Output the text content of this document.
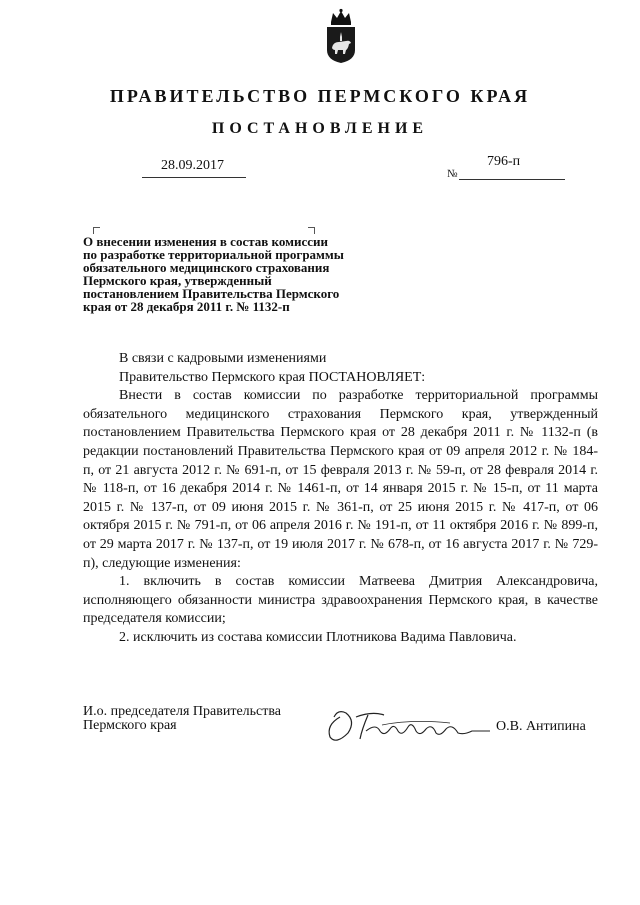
ПРАВИТЕЛЬСТВО ПЕРМСКОГО КРАЯ
ПОСТАНОВЛЕНИЕ
28.09.2017
№
796-п
О внесении изменения в состав комиссии
по разработке территориальной программы
обязательного медицинского страхования
Пермского края, утвержденный
постановлением Правительства Пермского
края от 28 декабря 2011 г. № 1132-п

В связи с кадровыми изменениями

Правительство Пермского края ПОСТАНОВЛЯЕТ:

Внести в состав комиссии по разработке территориальной программы обязательного медицинского страхования Пермского края, утвержденный постановлением Правительства Пермского края от 28 декабря 2011 г. № 1132-п (в редакции постановлений Правительства Пермского края от 09 апреля 2012 г. № 184-п, от 21 августа 2012 г. № 691-п, от 15 февраля 2013 г. № 59-п, от 28 февраля 2014 г. № 118-п, от 16 декабря 2014 г. № 1461-п, от 14 января 2015 г. № 15-п, от 11 марта 2015 г. № 137-п, от 09 июня 2015 г. № 361-п, от 25 июня 2015 г. № 417-п, от 06 октября 2015 г. № 791-п, от 06 апреля 2016 г. № 191-п, от 11 октября 2016 г. № 899-п, от 29 марта 2017 г. № 137-п, от 19 июля 2017 г. № 678-п, от 16 августа 2017 г. № 729-п), следующие изменения:

1. включить в состав комиссии Матвеева Дмитрия Александровича, исполняющего обязанности министра здравоохранения Пермского края, в качестве председателя комиссии;

2. исключить из состава комиссии Плотникова Вадима Павловича.

И.о. председателя Правительства
Пермского края	О.В. Антипина
